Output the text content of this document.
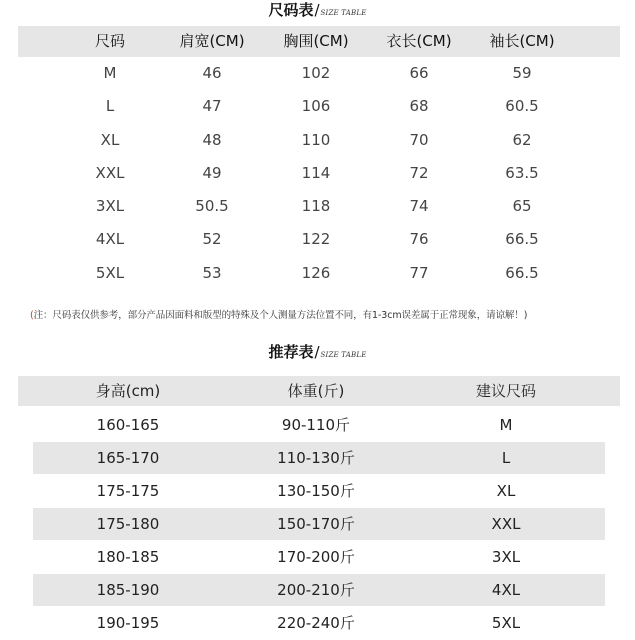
尺码表/SIZE TABLE
尺码	肩宽(CM)	胸围(CM)	衣长(CM)	袖长(CM)
M	46	102	66	59
L	47	106	68	60.5
XL	48	110	70	62
XXL	49	114	72	63.5
3XL	50.5	118	74	65
4XL	52	122	76	66.5
5XL	53	126	77	66.5
(注：尺码表仅供参考，部分产品因面料和版型的特殊及个人测量方法位置不同，有1-3cm误差属于正常现象，请谅解！)
推荐表/SIZE TABLE
身高(cm)	体重(斤)	建议尺码
160-165	90-110斤	M
165-170	110-130斤	L
175-175	130-150斤	XL
175-180	150-170斤	XXL
180-185	170-200斤	3XL
185-190	200-210斤	4XL
190-195	220-240斤	5XL
